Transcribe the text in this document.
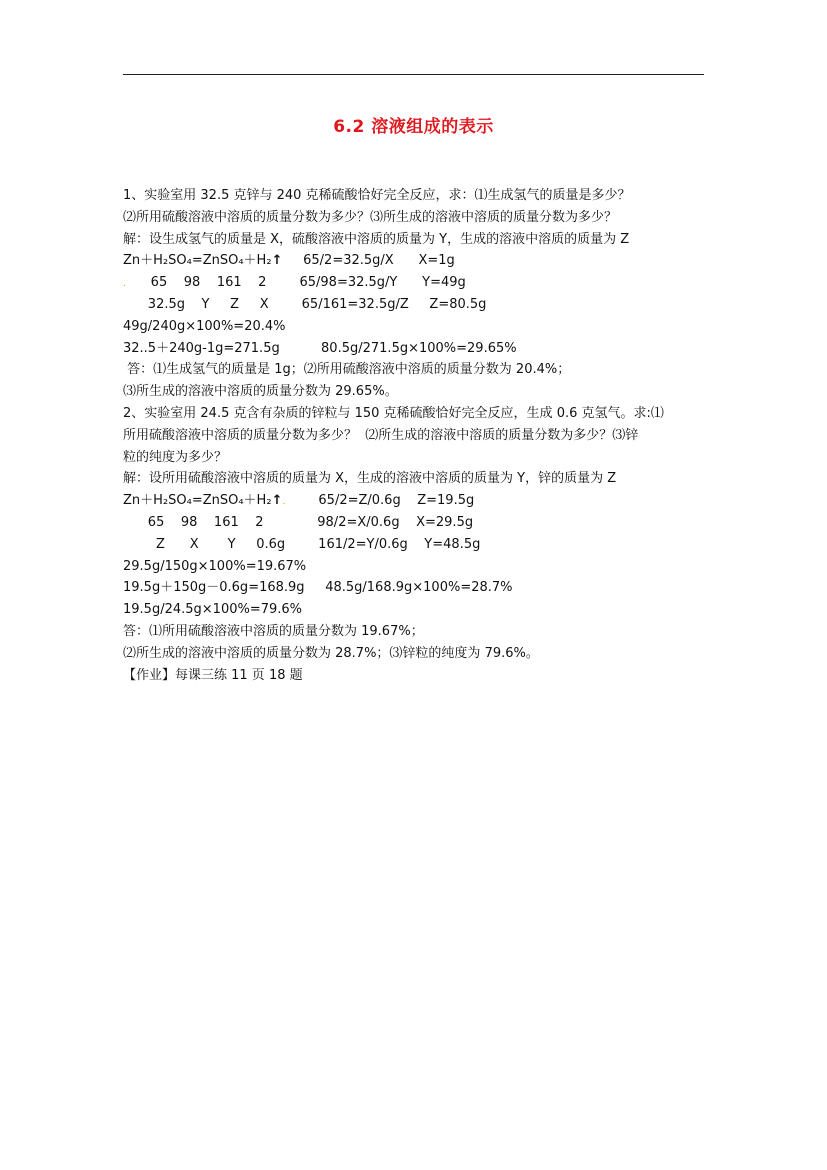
6.2 溶液组成的表示
1、实验室用 32.5 克锌与 240 克稀硫酸恰好完全反应，求：⑴生成氢气的质量是多少？
⑵所用硫酸溶液中溶质的质量分数为多少？⑶所生成的溶液中溶质的质量分数为多少？
解：设生成氢气的质量是 X，硫酸溶液中溶质的质量为 Y，生成的溶液中溶质的质量为 Z
Zn＋H₂SO₄=ZnSO₄＋H₂↑     65/2=32.5g/X      X=1g
. 65    98    161    2        65/98=32.5g/Y      Y=49g
32.5g    Y     Z     X        65/161=32.5g/Z     Z=80.5g
49g/240g×100%=20.4%
32..5＋240g-1g=271.5g          80.5g/271.5g×100%=29.65%
答：⑴生成氢气的质量是 1g；⑵所用硫酸溶液中溶质的质量分数为 20.4%；
⑶所生成的溶液中溶质的质量分数为 29.65%。
2、实验室用 24.5 克含有杂质的锌粒与 150 克稀硫酸恰好完全反应，生成 0.6 克氢气。求:⑴
所用硫酸溶液中溶质的质量分数为多少？  ⑵所生成的溶液中溶质的质量分数为多少？⑶锌
粒的纯度为多少？
解：设所用硫酸溶液中溶质的质量为 X，生成的溶液中溶质的质量为 Y，锌的质量为 Z
Zn＋H₂SO₄=ZnSO₄＋H₂↑.        65/2=Z/0.6g    Z=19.5g
65    98    161    2             98/2=X/0.6g    X=29.5g
Z      X       Y     0.6g        161/2=Y/0.6g    Y=48.5g
29.5g/150g×100%=19.67%
19.5g＋150g－0.6g=168.9g     48.5g/168.9g×100%=28.7%
19.5g/24.5g×100%=79.6%
答：⑴所用硫酸溶液中溶质的质量分数为 19.67%；
⑵所生成的溶液中溶质的质量分数为 28.7%；⑶锌粒的纯度为 79.6%。
【作业】每课三练 11 页 18 题
